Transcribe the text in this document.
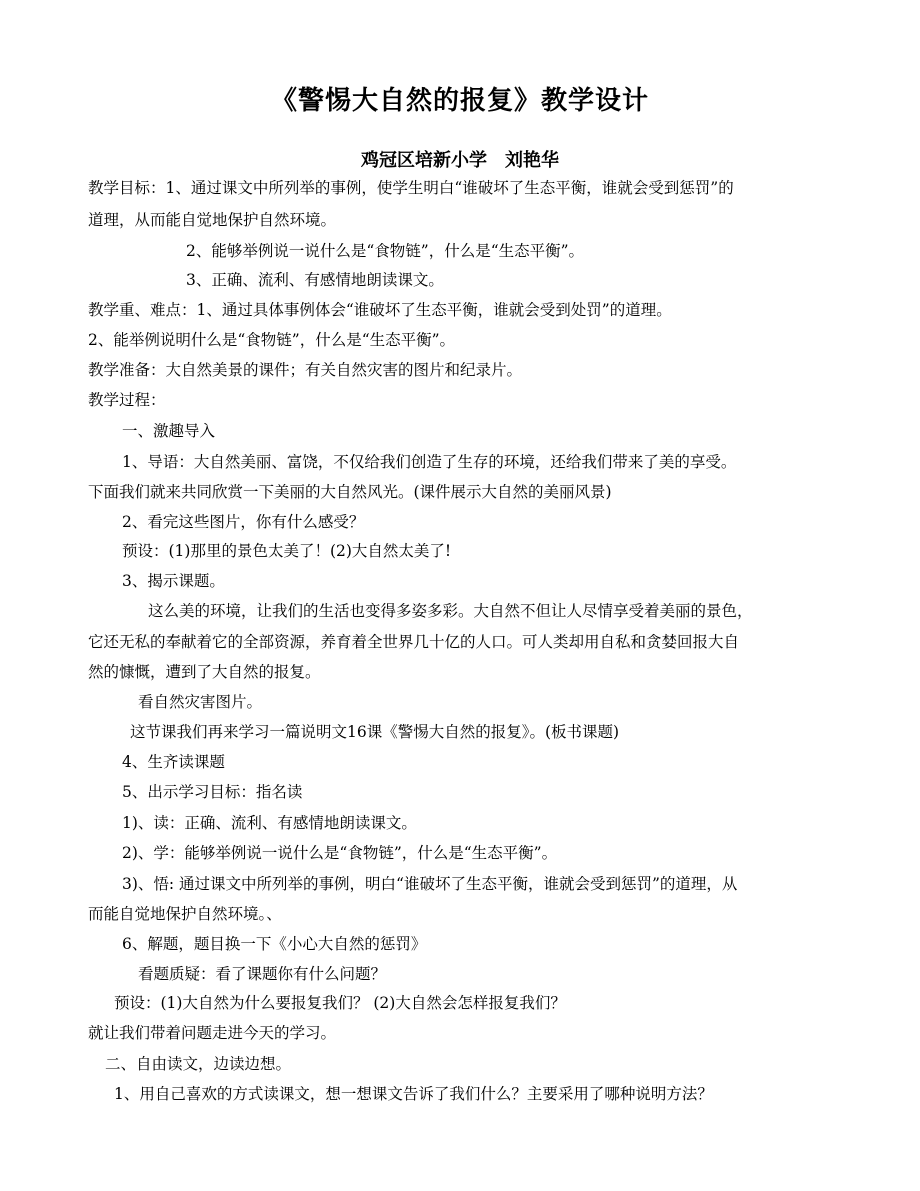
《警惕大自然的报复》教学设计
鸡冠区培新小学　刘艳华
教学目标：1、通过课文中所列举的事例，使学生明白“谁破坏了生态平衡，谁就会受到惩罚”的
道理，从而能自觉地保护自然环境。
2、能够举例说一说什么是“食物链”，什么是“生态平衡”。
3、正确、流利、有感情地朗读课文。
教学重、难点：1、通过具体事例体会“谁破坏了生态平衡，谁就会受到处罚”的道理。
2、能举例说明什么是“食物链”，什么是“生态平衡”。
教学准备：大自然美景的课件；有关自然灾害的图片和纪录片。
教学过程：
一、激趣导入
1、导语：大自然美丽、富饶，不仅给我们创造了生存的环境，还给我们带来了美的享受。
下面我们就来共同欣赏一下美丽的大自然风光。(课件展示大自然的美丽风景)
2、看完这些图片，你有什么感受？
预设：(1)那里的景色太美了！(2)大自然太美了!
3、揭示课题。
这么美的环境，让我们的生活也变得多姿多彩。大自然不但让人尽情享受着美丽的景色，
它还无私的奉献着它的全部资源，养育着全世界几十亿的人口。可人类却用自私和贪婪回报大自
然的慷慨，遭到了大自然的报复。
看自然灾害图片。
这节课我们再来学习一篇说明文16课《警惕大自然的报复》。(板书课题)
4、生齐读课题
5、出示学习目标：指名读
1)、读：正确、流利、有感情地朗读课文。
2)、学：能够举例说一说什么是“食物链”，什么是“生态平衡”。
3)、悟: 通过课文中所列举的事例，明白“谁破坏了生态平衡，谁就会受到惩罚”的道理，从
而能自觉地保护自然环境。、
6、解题，题目换一下《小心大自然的惩罚》
看题质疑：看了课题你有什么问题？
预设：(1)大自然为什么要报复我们？ (2)大自然会怎样报复我们？
就让我们带着问题走进今天的学习。
二、自由读文，边读边想。
1、用自己喜欢的方式读课文，想一想课文告诉了我们什么？主要采用了哪种说明方法？
